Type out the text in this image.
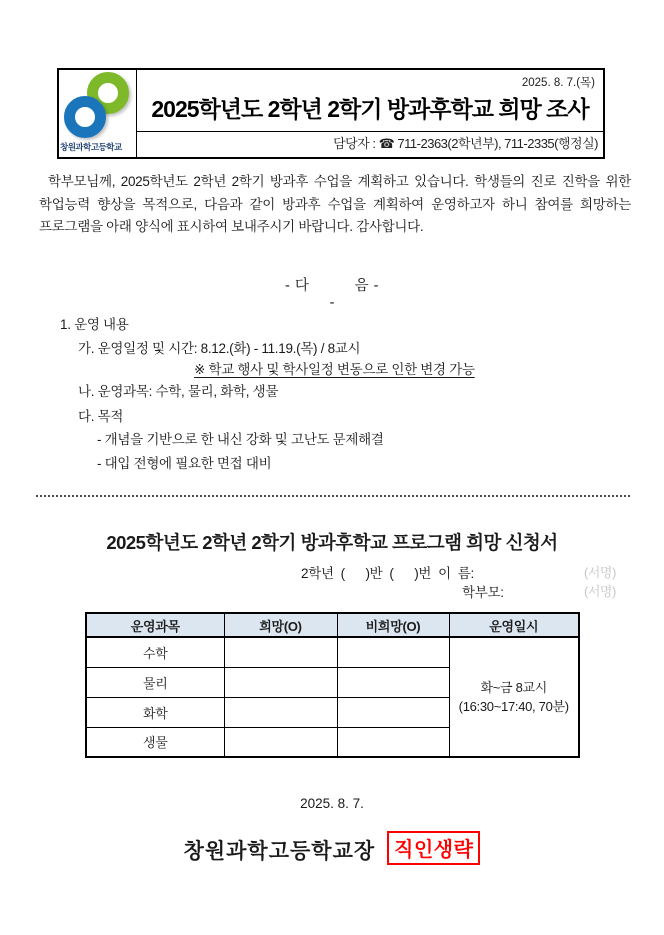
창원과학고등학교
2025. 8. 7.(목)
2025학년도 2학년 2학기 방과후학교 희망 조사
담당자 : ☎ 711-2363(2학년부), 711-2335(행정실)

학부모님께, 2025학년도 2학년 2학기 방과후 수업을 계획하고 있습니다. 학생들의 진로 진학을 위한 학업능력 향상을 목적으로, 다음과 같이 방과후 수업을 계획하여 운영하고자 하니 참여를 희망하는 프로그램을 아래 양식에 표시하여 보내주시기 바랍니다. 감사합니다.

- 다          음 -
-
1. 운영 내용
가. 운영일정 및 시간: 8.12.(화) - 11.19.(목) / 8교시
※ 학교 행사 및 학사일정 변동으로 인한 변경 가능
나. 운영과목: 수학, 물리, 화학, 생물
다. 목적
- 개념을 기반으로 한 내신 강화 및 고난도 문제해결
- 대입 전형에 필요한 면접 대비
2025학년도 2학년 2학기 방과후학교 프로그램 희망 신청서
2학년  (      )반  (      )번  이  름:	(서명)
학부모:	(서명)
운영과목	희망(O)	비희망(O)	운영일시
수학			화~금 8교시
(16:30~17:40, 70분)
물리			
화학			
생물			
2025. 8. 7.
창원과학고등학교장 직인생략
